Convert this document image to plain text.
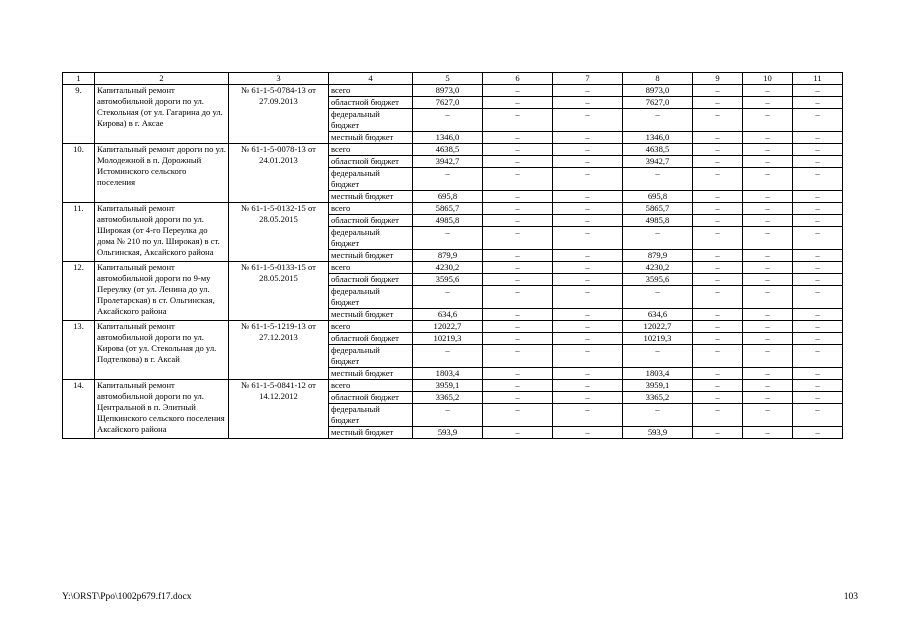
1	2	3	4	5	6	7	8	9	10	11
9.	Капитальный ремонт автомобильной дороги по ул. Стекольная (от ул. Гагарина до ул. Кирова) в г. Аксае	№ 61-1-5-0784-13 от 27.09.2013	всего	8973,0	–	–	8973,0	–	–	–
			областной бюджет	7627,0	–	–	7627,0	–	–	–
			федеральный бюджет	–	–	–	–	–	–	–
			местный бюджет	1346,0	–	–	1346,0	–	–	–
10.	Капитальный ремонт дороги по ул. Молодежной в п. Дорожный Истоминского сельского поселения	№ 61-1-5-0078-13 от 24.01.2013	всего	4638,5	–	–	4638,5	–	–	–
			областной бюджет	3942,7	–	–	3942,7	–	–	–
			федеральный бюджет	–	–	–	–	–	–	–
			местный бюджет	695,8	–	–	695,8	–	–	–
11.	Капитальный ремонт автомобильной дороги по ул. Широкая (от 4-го Переулка до дома № 210 по ул. Широкая) в ст. Ольгинская, Аксайского района	№ 61-1-5-0132-15 от 28.05.2015	всего	5865,7	–	–	5865,7	–	–	–
			областной бюджет	4985,8	–	–	4985,8	–	–	–
			федеральный бюджет	–	–	–	–	–	–	–
			местный бюджет	879,9	–	–	879,9	–	–	–
12.	Капитальный ремонт автомобильной дороги по 9-му Переулку (от ул. Ленина до ул. Пролетарская) в ст. Ольгинская, Аксайского района	№ 61-1-5-0133-15 от 28.05.2015	всего	4230,2	–	–	4230,2	–	–	–
			областной бюджет	3595,6	–	–	3595,6	–	–	–
			федеральный бюджет	–	–	–	–	–	–	–
			местный бюджет	634,6	–	–	634,6	–	–	–
13.	Капитальный ремонт автомобильной дороги по ул. Кирова (от ул. Стекольная до ул. Подтелкова) в г. Аксай	№ 61-1-5-1219-13 от 27.12.2013	всего	12022,7	–	–	12022,7	–	–	–
			областной бюджет	10219,3	–	–	10219,3	–	–	–
			федеральный бюджет	–	–	–	–	–	–	–
			местный бюджет	1803,4	–	–	1803,4	–	–	–
14.	Капитальный ремонт автомобильной дороги по ул. Центральной в п. Элитный Щепкинского сельского поселения Аксайского района	№ 61-1-5-0841-12 от 14.12.2012	всего	3959,1	–	–	3959,1	–	–	–
			областной бюджет	3365,2	–	–	3365,2	–	–	–
			федеральный бюджет	–	–	–	–	–	–	–
			местный бюджет	593,9	–	–	593,9	–	–	–
Y:\ORST\Ppo\1002p679.f17.docx	103
